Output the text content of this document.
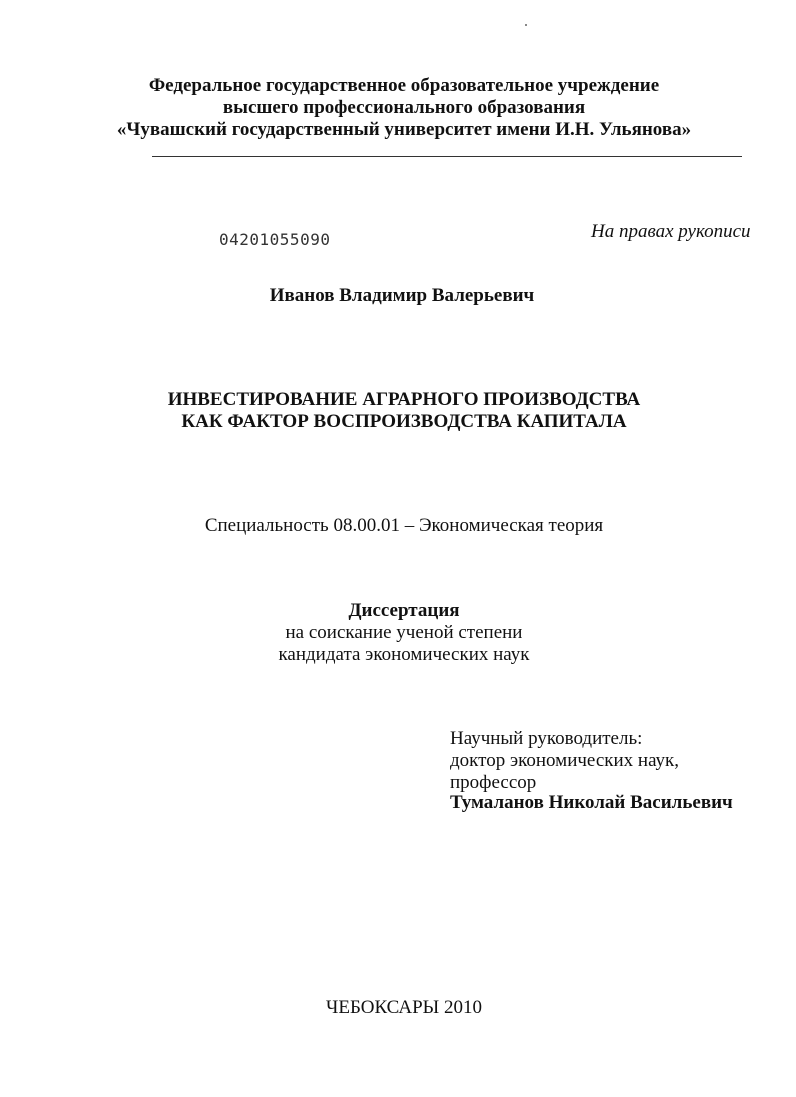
Федеральное государственное образовательное учреждение
высшего профессионального образования
«Чувашский государственный университет имени И.Н. Ульянова»
04201055090	На правах рукописи
Иванов Владимир Валерьевич
ИНВЕСТИРОВАНИЕ АГРАРНОГО ПРОИЗВОДСТВА
КАК ФАКТОР ВОСПРОИЗВОДСТВА КАПИТАЛА
Специальность 08.00.01 – Экономическая теория
Диссертация
на соискание ученой степени
кандидата экономических наук
Научный руководитель:
доктор экономических наук,
профессор
Тумаланов Николай Васильевич
ЧЕБОКСАРЫ 2010
